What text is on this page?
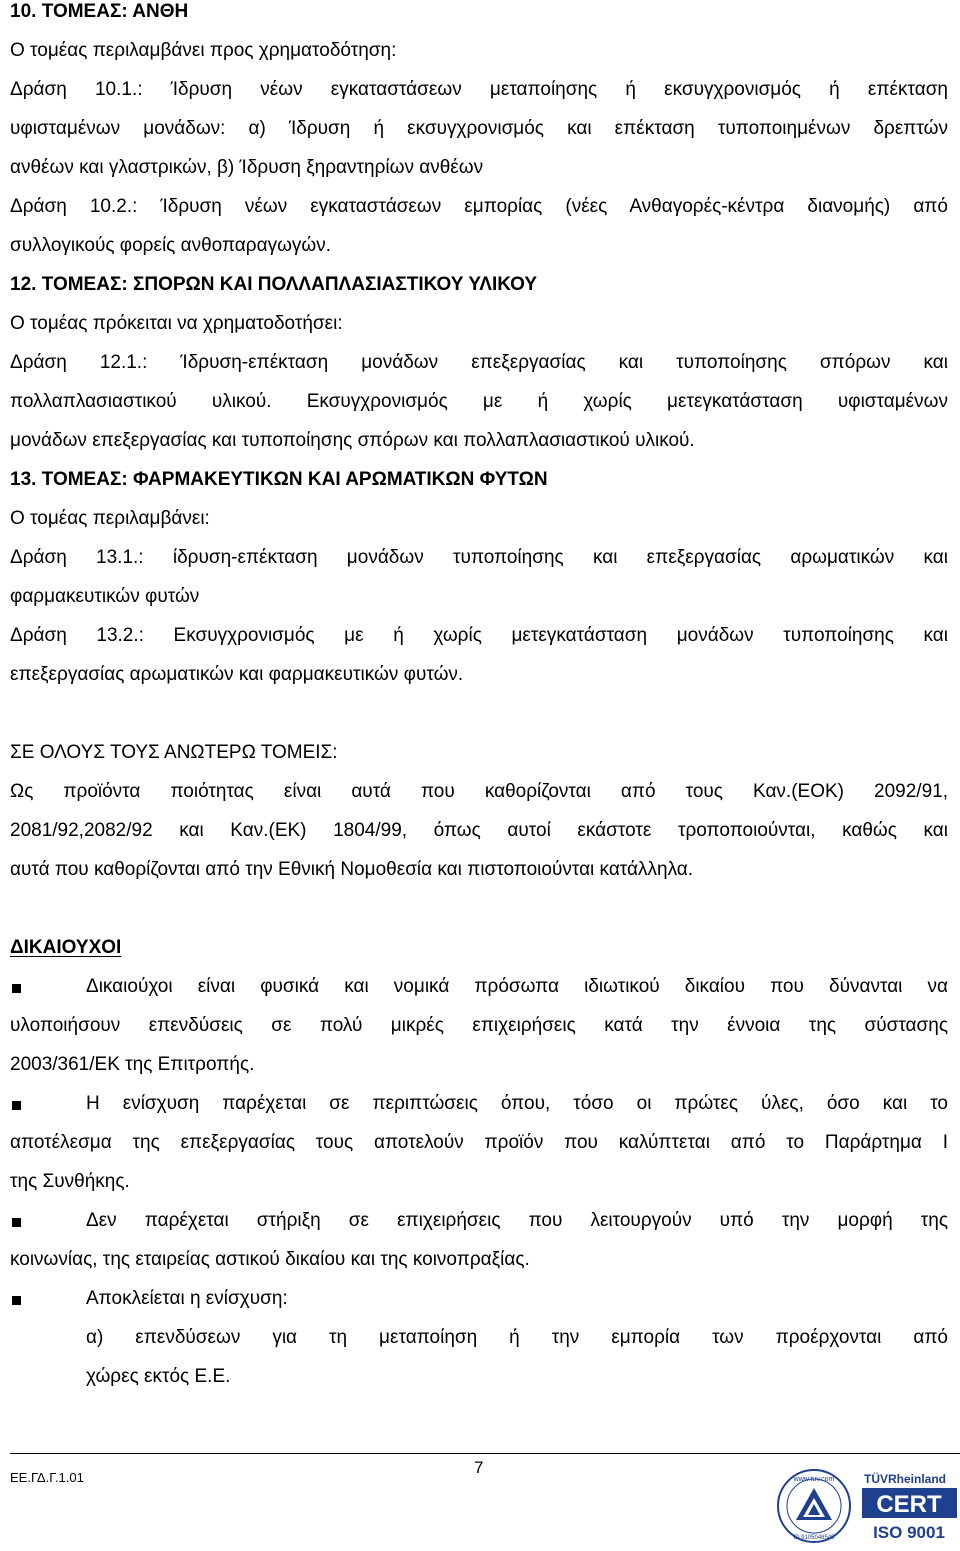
10. ΤΟΜΕΑΣ: ΑΝΘΗ
Ο τομέας περιλαμβάνει προς χρηματοδότηση:
Δράση 10.1.: Ίδρυση νέων εγκαταστάσεων μεταποίησης ή εκσυγχρονισμός ή επέκταση
υφισταμένων μονάδων: α) Ίδρυση ή εκσυγχρονισμός και επέκταση τυποποιημένων δρεπτών
ανθέων και γλαστρικών, β) Ίδρυση ξηραντηρίων ανθέων
Δράση 10.2.: Ίδρυση νέων εγκαταστάσεων εμπορίας (νέες Ανθαγορές-κέντρα διανομής) από
συλλογικούς φορείς ανθοπαραγωγών.
12. ΤΟΜΕΑΣ: ΣΠΟΡΩΝ ΚΑΙ ΠΟΛΛΑΠΛΑΣΙΑΣΤΙΚΟΥ ΥΛΙΚΟΥ
Ο τομέας πρόκειται να χρηματοδοτήσει:
Δράση 12.1.: Ίδρυση-επέκταση μονάδων επεξεργασίας και τυποποίησης σπόρων και
πολλαπλασιαστικού υλικού. Εκσυγχρονισμός με ή χωρίς μετεγκατάσταση υφισταμένων
μονάδων επεξεργασίας και τυποποίησης σπόρων και πολλαπλασιαστικού υλικού.
13. ΤΟΜΕΑΣ: ΦΑΡΜΑΚΕΥΤΙΚΩΝ ΚΑΙ ΑΡΩΜΑΤΙΚΩΝ ΦΥΤΩΝ
Ο τομέας περιλαμβάνει:
Δράση 13.1.: ίδρυση-επέκταση μονάδων τυποποίησης και επεξεργασίας αρωματικών και
φαρμακευτικών φυτών
Δράση 13.2.: Εκσυγχρονισμός με ή χωρίς μετεγκατάσταση μονάδων τυποποίησης και
επεξεργασίας αρωματικών και φαρμακευτικών φυτών.
ΣΕ ΟΛΟΥΣ ΤΟΥΣ ΑΝΩΤΕΡΩ ΤΟΜΕΙΣ:
Ως προϊόντα ποιότητας είναι αυτά που καθορίζονται από τους Καν.(ΕΟΚ) 2092/91,
2081/92,2082/92 και Καν.(ΕΚ) 1804/99, όπως αυτοί εκάστοτε τροποποιούνται, καθώς και
αυτά που καθορίζονται από την Εθνική Νομοθεσία και πιστοποιούνται κατάλληλα.
ΔΙΚΑΙΟΥΧΟΙ
Δικαιούχοι είναι φυσικά και νομικά πρόσωπα ιδιωτικού δικαίου που δύνανται να
υλοποιήσουν επενδύσεις σε πολύ μικρές επιχειρήσεις κατά την έννοια της σύστασης
2003/361/ΕΚ της Επιτροπής.
Η ενίσχυση παρέχεται σε περιπτώσεις όπου, τόσο οι πρώτες ύλες, όσο και το
αποτέλεσμα της επεξεργασίας τους αποτελούν προϊόν που καλύπτεται από το Παράρτημα Ι
της Συνθήκης.
Δεν παρέχεται στήριξη σε επιχειρήσεις που λειτουργούν υπό την μορφή της
κοινωνίας, της εταιρείας αστικού δικαίου και της κοινοπραξίας.
Αποκλείεται η ενίσχυση:
α) επενδύσεων για τη μεταποίηση ή την εμπορία των προέρχονται από
χώρες εκτός Ε.Ε.
ΕΕ.ΓΔ.Γ.1.01
7
www.tuv.com
ID 9105048548
TÜVRheinland
CERT
ISO 9001
